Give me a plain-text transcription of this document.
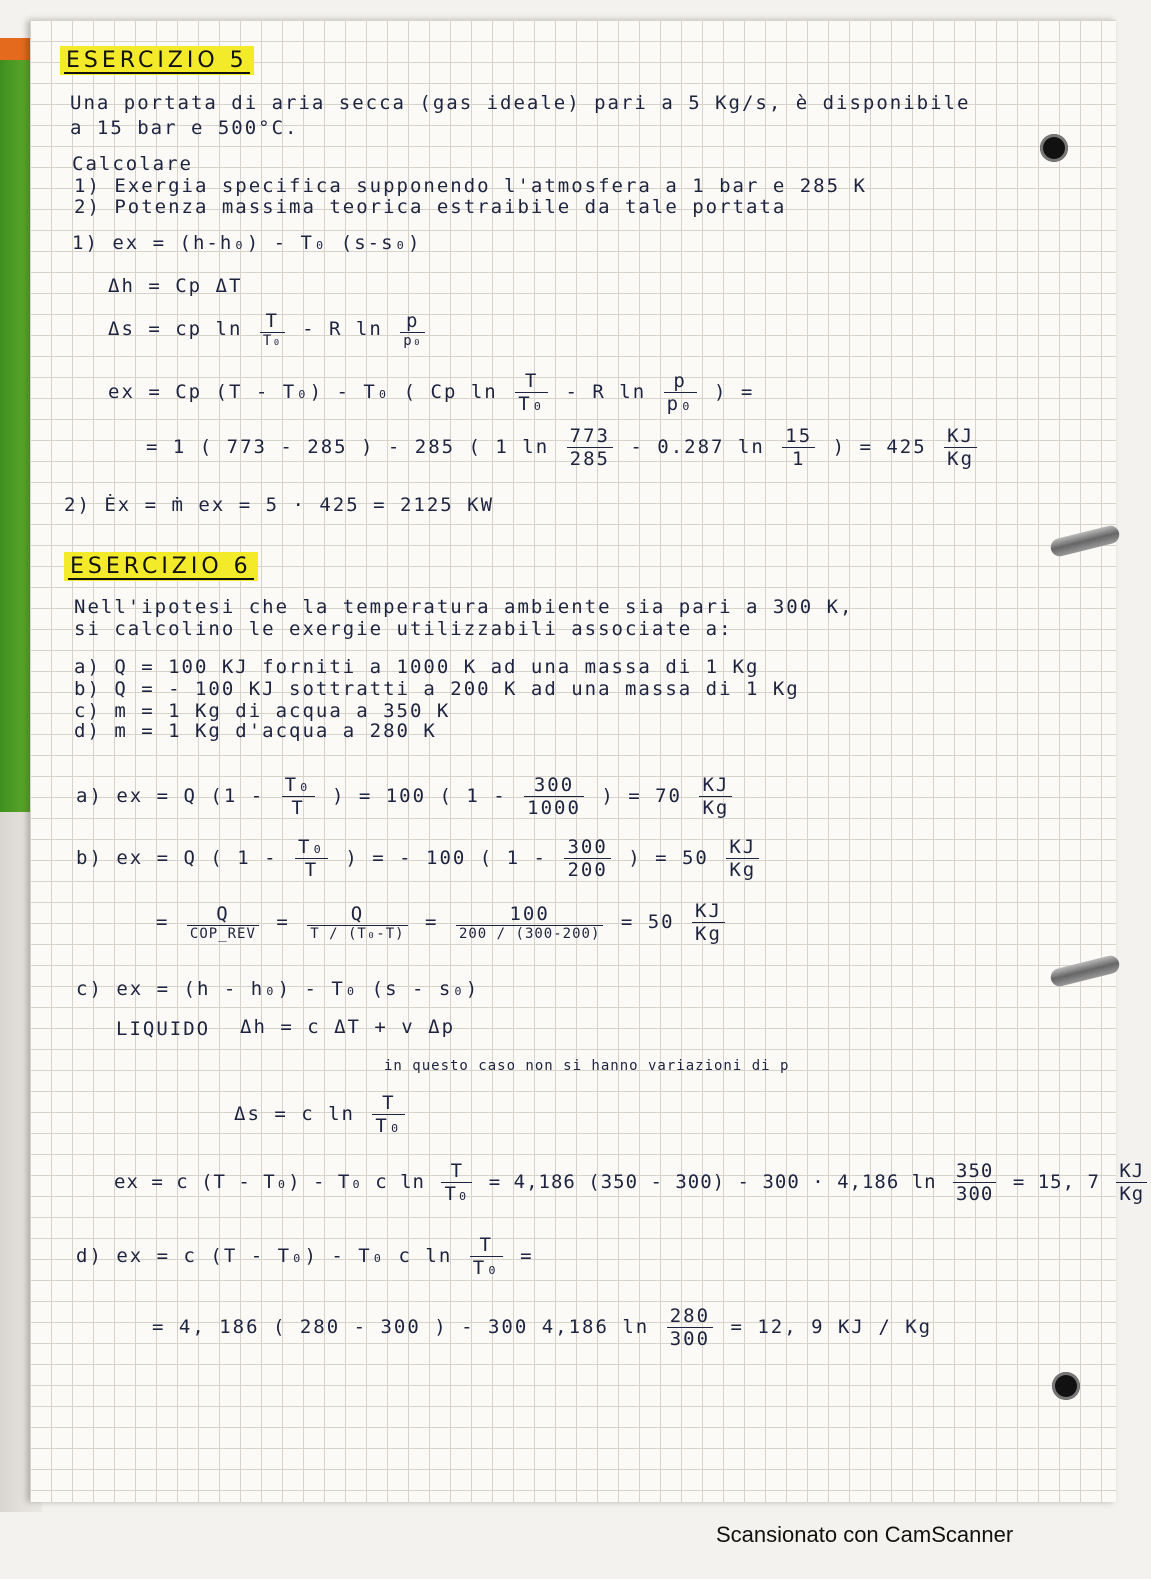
ESERCIZIO 5
Una portata di aria secca (gas ideale) pari a 5 Kg/s, è disponibile
a 15 bar e 500°C.
Calcolare
1) Exergia specifica supponendo l'atmosfera a 1 bar e 285 K
2) Potenza massima teorica estraibile da tale portata
1) ex = (h-h₀) - T₀ (s-s₀)
Δh = Cp ΔT
Δs = cp $\ln \frac{T}{\text{T₀}}$ - R $\ln \frac{p}{\text{p₀}}$
ex = Cp (T - T₀) - T₀ ( Cp $\ln \frac{T}{\text{T₀}}$ - R $\ln \frac{p}{\text{p₀}}$ ) =
= 1 ( 773 - 285 ) - 285 ( 1 $\ln \frac{773}{285} - 0.287$ $\ln \frac{15}{1}$ ) = $425 \frac{KJ}{Kg}$
2) Ėx = ṁ ex = 5 · 425 = 2125 KW
ESERCIZIO 6
Nell'ipotesi che la temperatura ambiente sia pari a 300 K,
si calcolino le exergie utilizzabili associate a:
a) Q = 100 KJ forniti a 1000 K ad una massa di 1 Kg
b) Q = - 100 KJ sottratti a 200 K ad una massa di 1 Kg
c) m = 1 Kg di acqua a 350 K
d) m = 1 Kg d'acqua a 280 K
a) ex = Q ($1 - \frac{\text{T₀}}{T}$ ) = 100 ( $1 - \frac{300}{1000}$ ) = $70 \frac{KJ}{Kg}$
b) ex = Q ( $1 - \frac{\text{T₀}}{T}$ ) = - 100 ( $1 - \frac{300}{200}$ ) = $50 \frac{KJ}{Kg}$
= $\frac{Q}{\text{COP\_REV}} = \frac{Q}{\text{T / (T₀-T)}} = \frac{100}{200 / (300-200)} = 50 \frac{KJ}{Kg}$
c) ex = (h - h₀) - T₀ (s - s₀)
LIQUIDO Δh = c ΔT + v Δp
in questo caso non si hanno variazioni di p
Δs = c $\ln \frac{T}{\text{T₀}}$
ex = c (T - T₀) - T₀ c $\ln \frac{T}{\text{T₀}} = 4,186$ (350 - 300) - 300 · 4,186 $\ln \frac{350}{300} = 15$, $7 \frac{KJ}{Kg}$
d) ex = c (T - T₀) - T₀ c $\ln \frac{T}{\text{T₀}}$ =
= 4, 186 ( 280 - 300 ) - 300 4,186 $\ln \frac{280}{300} = 12$, 9 KJ / Kg
Scansionato con CamScanner
